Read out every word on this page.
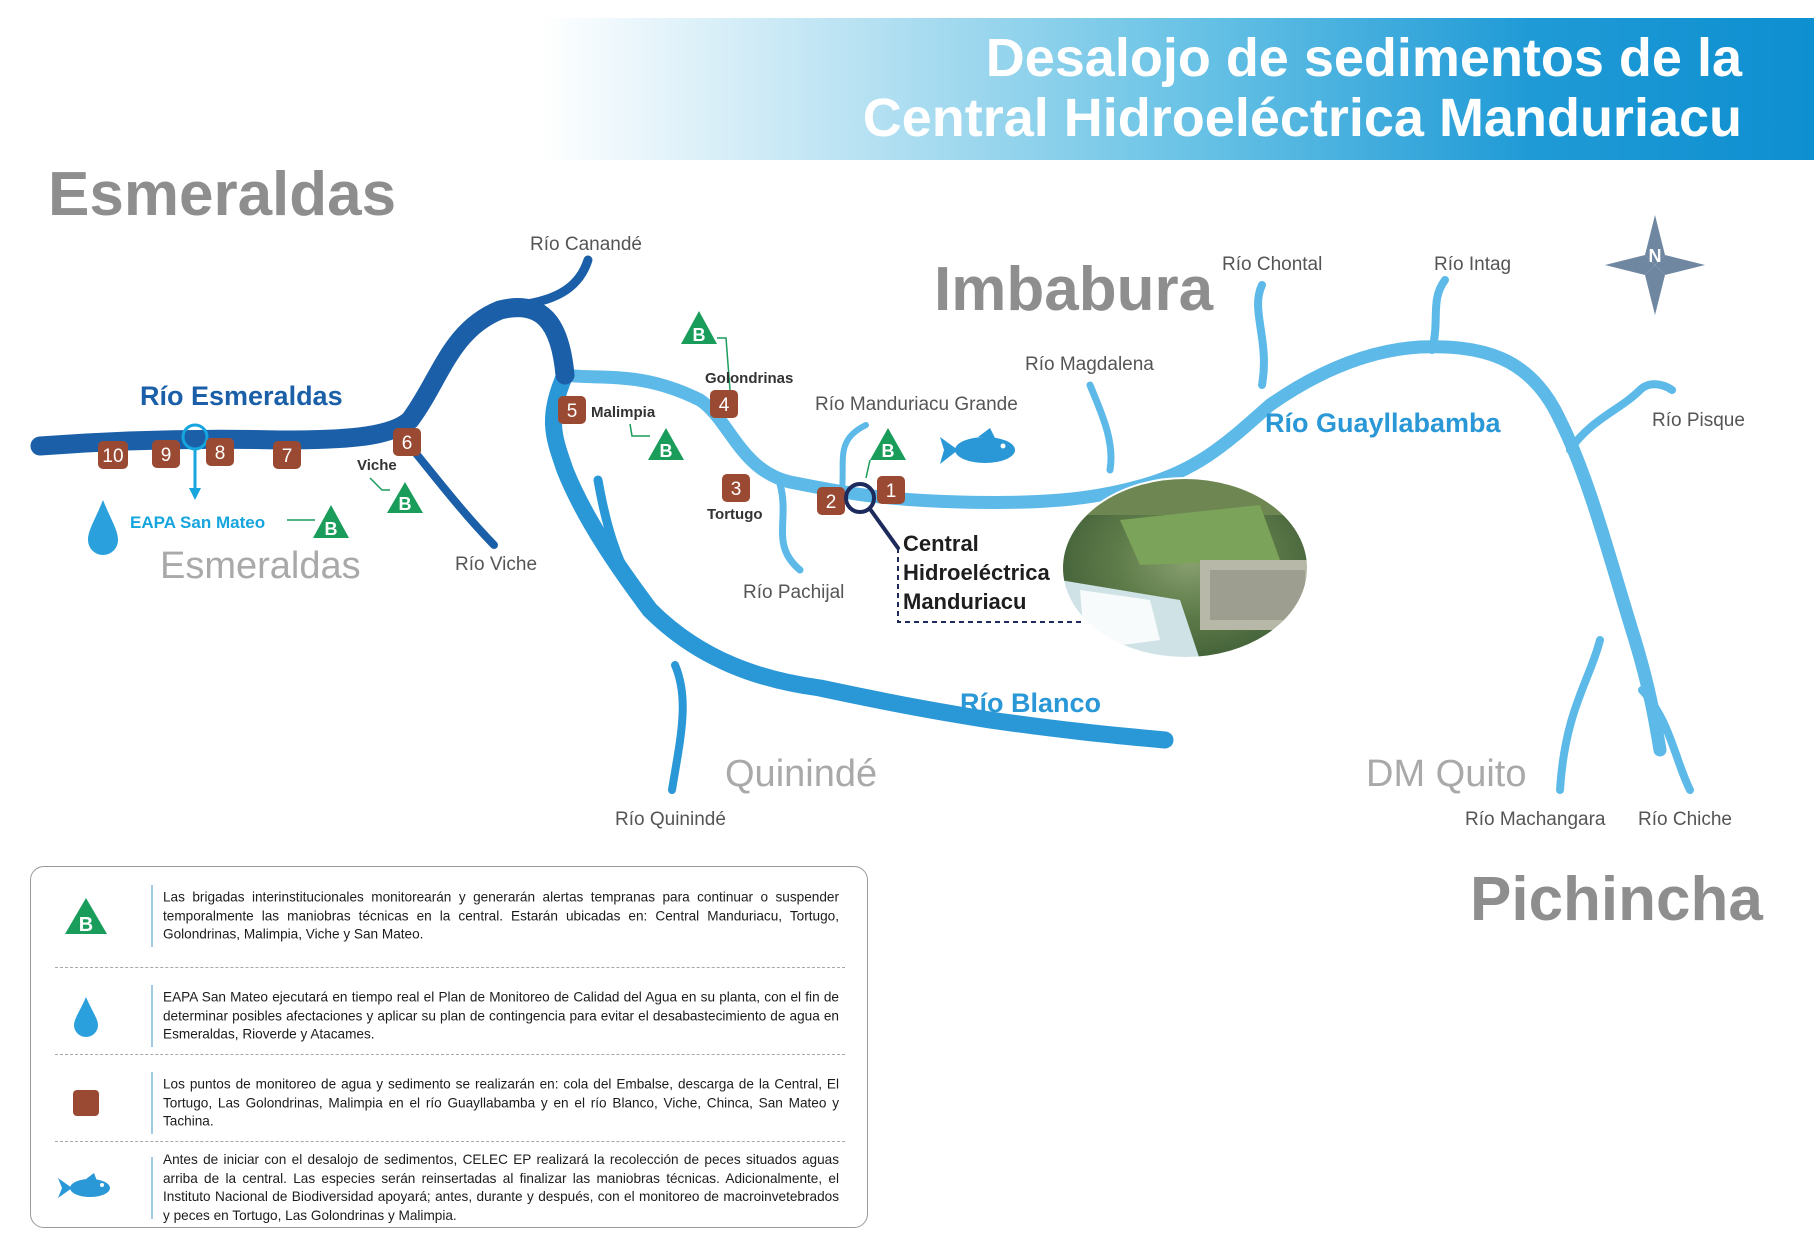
Desalojo de sedimentos de la
Central Hidroeléctrica Manduriacu
Esmeraldas
Imbabura
Pichincha
Esmeraldas
Quinindé	DM Quito
Río Esmeraldas
Río Guayllabamba
Río Blanco
Río Canandé
Río Viche
Río Pachijal
Río Quinindé
Río Manduriacu Grande
Río Magdalena
Río Chontal	Río Intag
Río Pisque
Río Machangara Río Chiche
N
EAPA San Mateo	B
B
B
B
B
1
2
3
4
5
6
7
8
9
10
Malimpia
Golondrinas
Tortugo
Viche
Central
Hidroeléctrica
Manduriacu
B
Las brigadas interinstitucionales monitorearán y generarán alertas tempranas para continuar o suspender temporalmente las maniobras técnicas en la central. Estarán ubicadas en: Central Manduriacu, Tortugo, Golondrinas, Malimpia, Viche y San Mateo.
EAPA San Mateo ejecutará en tiempo real el Plan de Monitoreo de Calidad del Agua en su planta, con el fin de determinar posibles afectaciones y aplicar su plan de contingencia para evitar el desabastecimiento de agua en Esmeraldas, Rioverde y Atacames.
Los puntos de monitoreo de agua y sedimento se realizarán en: cola del Embalse, descarga de la Central, El Tortugo, Las Golondrinas, Malimpia en el río Guayllabamba y en el río Blanco, Viche, Chinca, San Mateo y Tachina.
Antes de iniciar con el desalojo de sedimentos, CELEC EP realizará la recolección de peces situados aguas arriba de la central. Las especies serán reinsertadas al finalizar las maniobras técnicas. Adicionalmente, el Instituto Nacional de Biodiversidad apoyará; antes, durante y después, con el monitoreo de macroinvetebrados y peces en Tortugo, Las Golondrinas y Malimpia.
